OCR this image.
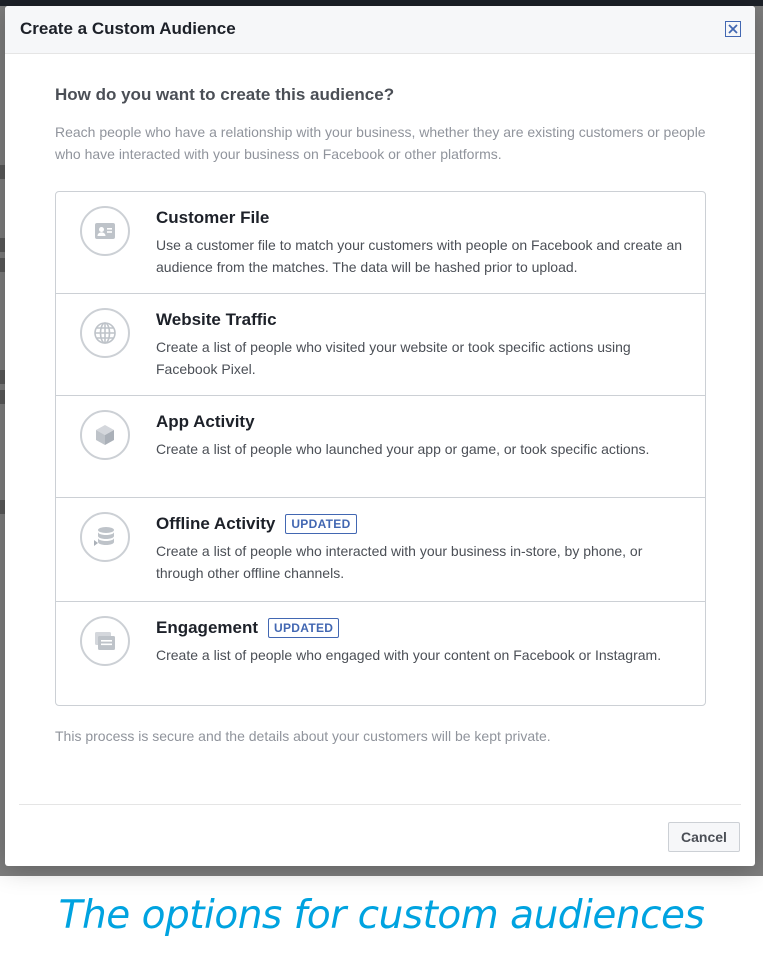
Create a Custom Audience
How do you want to create this audience?
Reach people who have a relationship with your business, whether they are existing customers or people who have interacted with your business on Facebook or other platforms.
Customer File
Use a customer file to match your customers with people on Facebook and create an audience from the matches. The data will be hashed prior to upload.
Website Traffic
Create a list of people who visited your website or took specific actions using Facebook Pixel.
App Activity
Create a list of people who launched your app or game, or took specific actions.
Offline Activity	UPDATED
Create a list of people who interacted with your business in-store, by phone, or through other offline channels.
Engagement	UPDATED
Create a list of people who engaged with your content on Facebook or Instagram.
This process is secure and the details about your customers will be kept private.
Cancel
The options for custom audiences
